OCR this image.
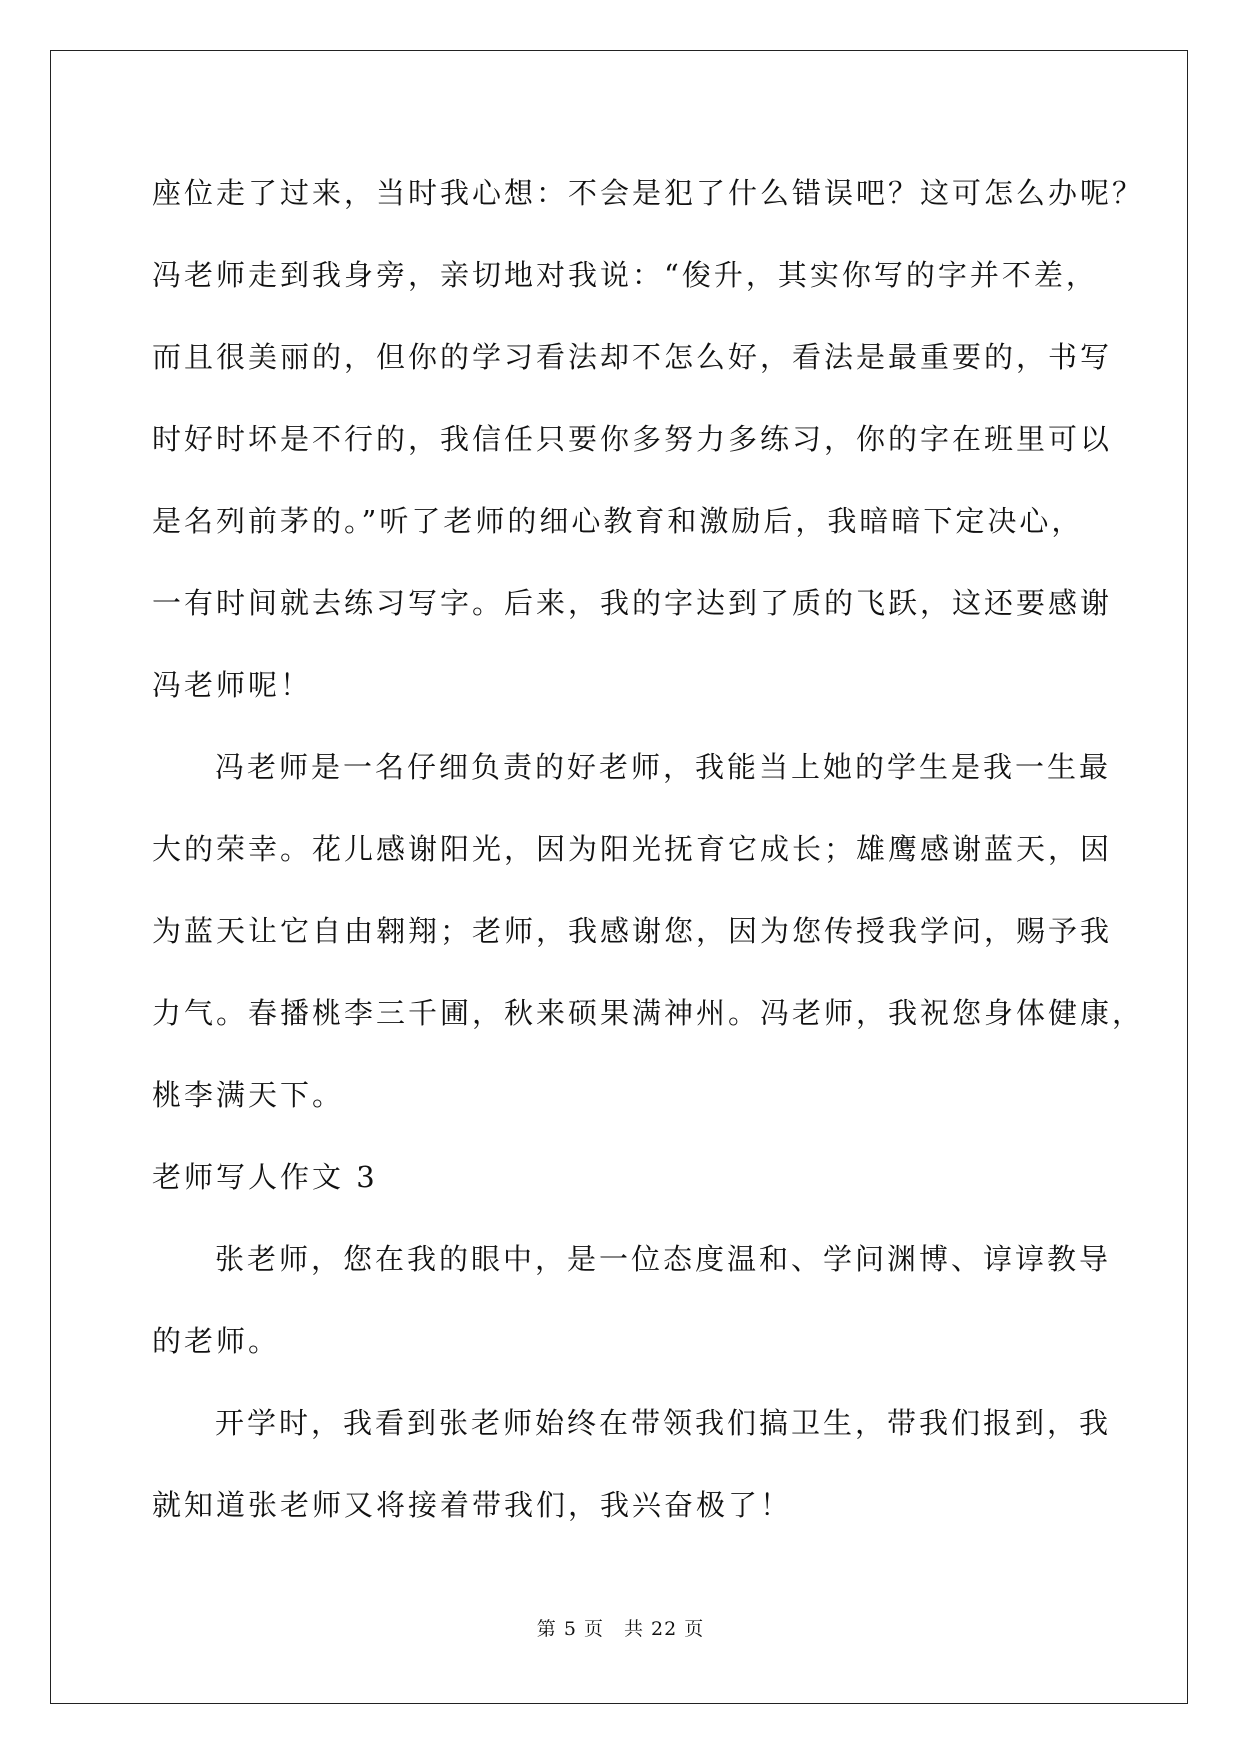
座位走了过来，当时我心想：不会是犯了什么错误吧？这可怎么办呢？
冯老师走到我身旁，亲切地对我说：“俊升，其实你写的字并不差，
而且很美丽的，但你的学习看法却不怎么好，看法是最重要的，书写
时好时坏是不行的，我信任只要你多努力多练习，你的字在班里可以
是名列前茅的。”听了老师的细心教育和激励后，我暗暗下定决心，
一有时间就去练习写字。后来，我的字达到了质的飞跃，这还要感谢
冯老师呢！
冯老师是一名仔细负责的好老师，我能当上她的学生是我一生最
大的荣幸。花儿感谢阳光，因为阳光抚育它成长；雄鹰感谢蓝天，因
为蓝天让它自由翱翔；老师，我感谢您，因为您传授我学问，赐予我
力气。春播桃李三千圃，秋来硕果满神州。冯老师，我祝您身体健康，
桃李满天下。
老师写人作文 3
张老师，您在我的眼中，是一位态度温和、学问渊博、谆谆教导
的老师。
开学时，我看到张老师始终在带领我们搞卫生，带我们报到，我
就知道张老师又将接着带我们，我兴奋极了！
第 5 页　共 22 页
